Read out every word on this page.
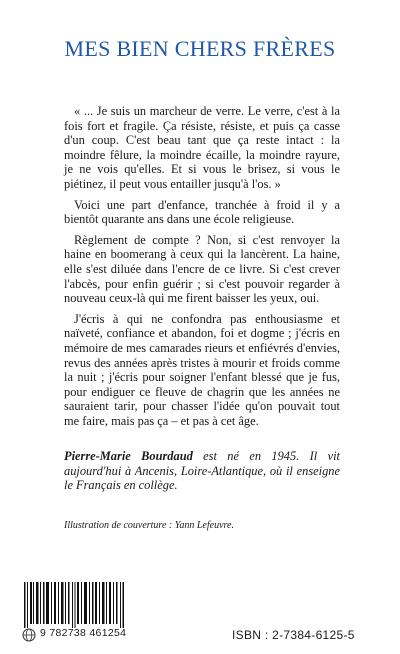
MES BIEN CHERS FRÈRES

« ... Je suis un marcheur de verre. Le verre, c'est à la fois fort et fragile. Ça résiste, résiste, et puis ça casse d'un coup. C'est beau tant que ça reste intact : la moindre fêlure, la moindre écaille, la moindre rayure, je ne vois qu'elles. Et si vous le brisez, si vous le piétinez, il peut vous entailler jusqu'à l'os. »

Voici une part d'enfance, tranchée à froid il y a bientôt quarante ans dans une école religieuse.

Règlement de compte ? Non, si c'est renvoyer la haine en boomerang à ceux qui la lancèrent. La haine, elle s'est diluée dans l'encre de ce livre. Si c'est crever l'abcès, pour enfin guérir ; si c'est pouvoir regarder à nouveau ceux-là qui me firent baisser les yeux, oui.

J'écris à qui ne confondra pas enthousiasme et naïveté, confiance et abandon, foi et dogme ; j'écris en mémoire de mes camarades rieurs et enfiévrés d'envies, revus des années après tristes à mourir et froids comme la nuit ; j'écris pour soigner l'enfant blessé que je fus, pour endiguer ce fleuve de chagrin que les années ne sauraient tarir, pour chasser l'idée qu'on pouvait tout me faire, mais pas ça – et pas à cet âge.

Pierre-Marie Bourdaud est né en 1945. Il vit aujourd'hui à Ancenis, Loire-Atlantique, où il enseigne le Français en collège.
Illustration de couverture : Yann Lefeuvre.
9 782738 461254	ISBN : 2-7384-6125-5
